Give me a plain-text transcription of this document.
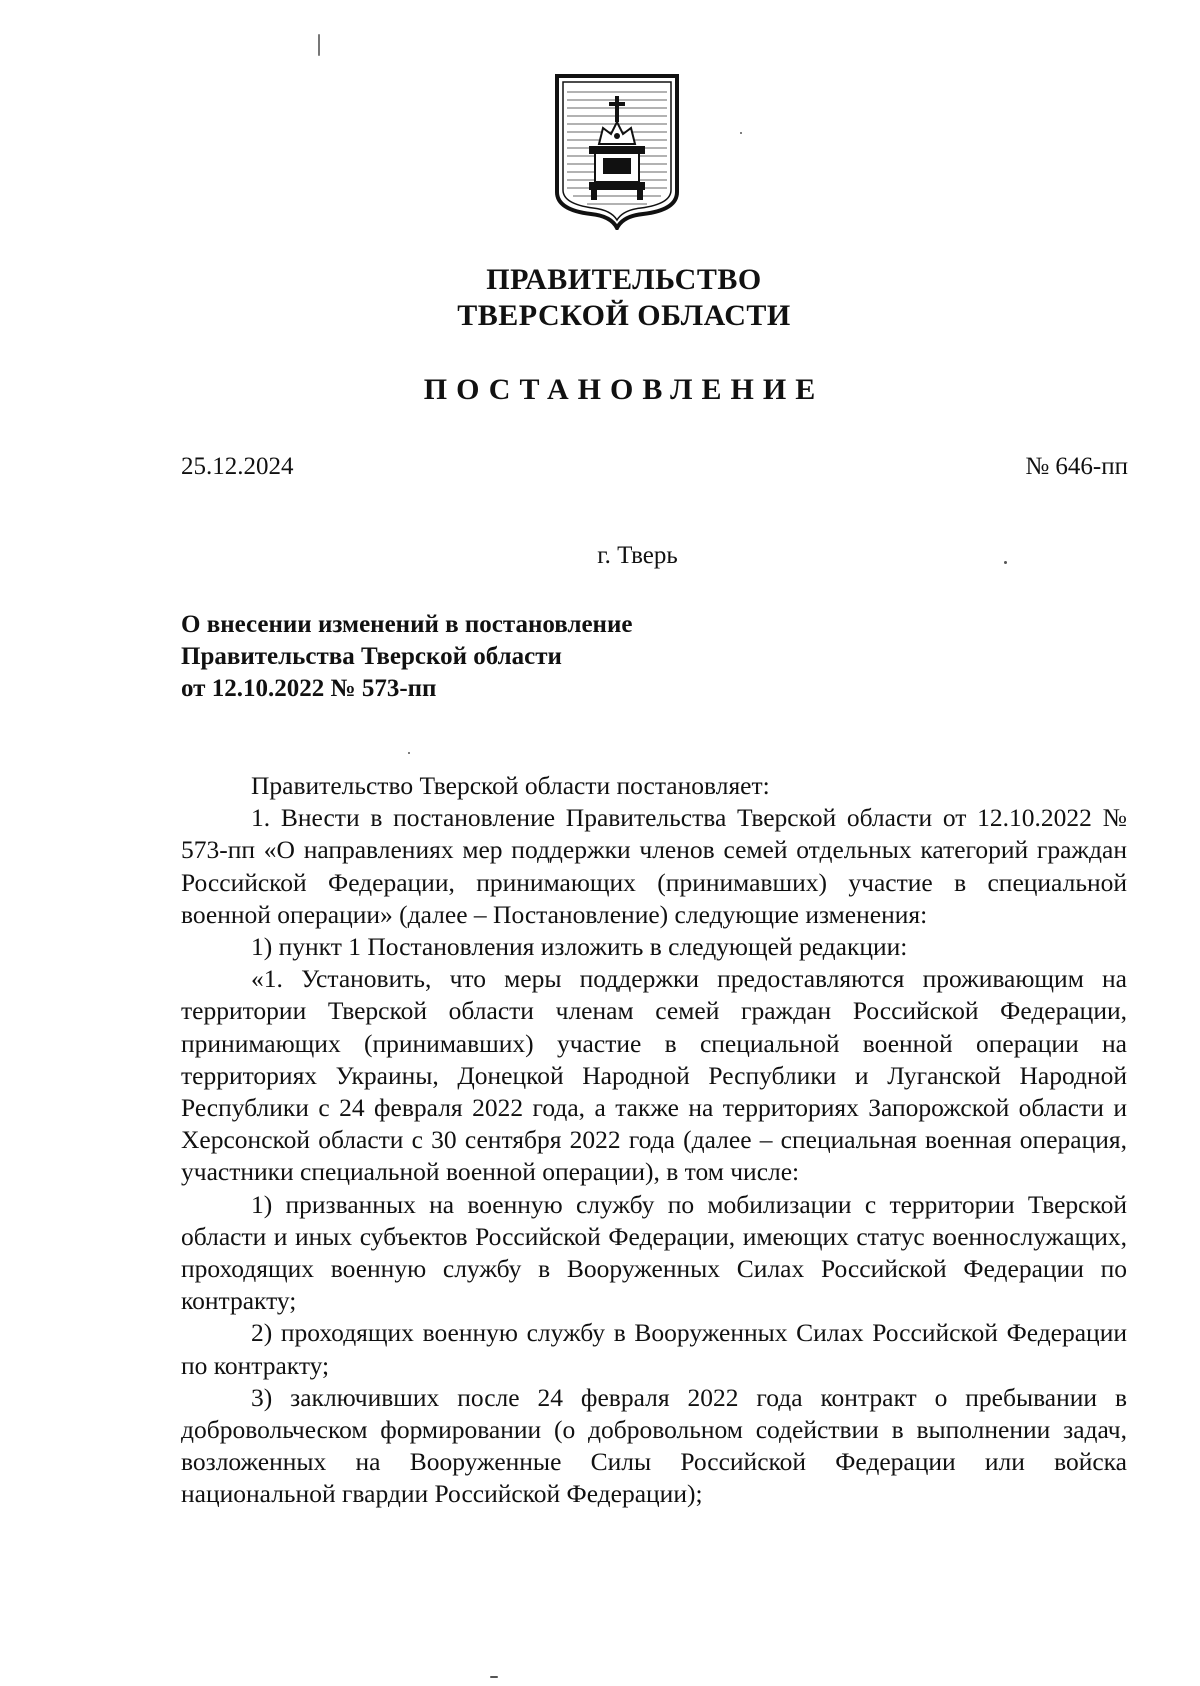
ПРАВИТЕЛЬСТВО
ТВЕРСКОЙ ОБЛАСТИ
ПОСТАНОВЛЕНИЕ
25.12.2024	№ 646-пп
г. Тверь
О внесении изменений в постановление
Правительства Тверской области
от 12.10.2022 № 573-пп

Правительство Тверской области постановляет:

1. Внести в постановление Правительства Тверской области от 12.10.2022 № 573-пп «О направлениях мер поддержки членов семей отдельных категорий граждан Российской Федерации, принимающих (принимавших) участие в специальной военной операции» (далее – Постановление) следующие изменения:

1) пункт 1 Постановления изложить в следующей редакции:

«1. Установить, что меры поддержки предоставляются проживающим на территории Тверской области членам семей граждан Российской Федерации, принимающих (принимавших) участие в специальной военной операции на территориях Украины, Донецкой Народной Республики и Луганской Народной Республики с 24 февраля 2022 года, а также на территориях Запорожской области и Херсонской области с 30 сентября 2022 года (далее – специальная военная операция, участники специальной военной операции), в том числе:

1) призванных на военную службу по мобилизации с территории Тверской области и иных субъектов Российской Федерации, имеющих статус военнослужащих, проходящих военную службу в Вооруженных Силах Российской Федерации по контракту;

2) проходящих военную службу в Вооруженных Силах Российской Федерации по контракту;

3) заключивших после 24 февраля 2022 года контракт о пребывании в добровольческом формировании (о добровольном содействии в выполнении задач, возложенных на Вооруженные Силы Российской Федерации или войска национальной гвардии Российской Федерации);
